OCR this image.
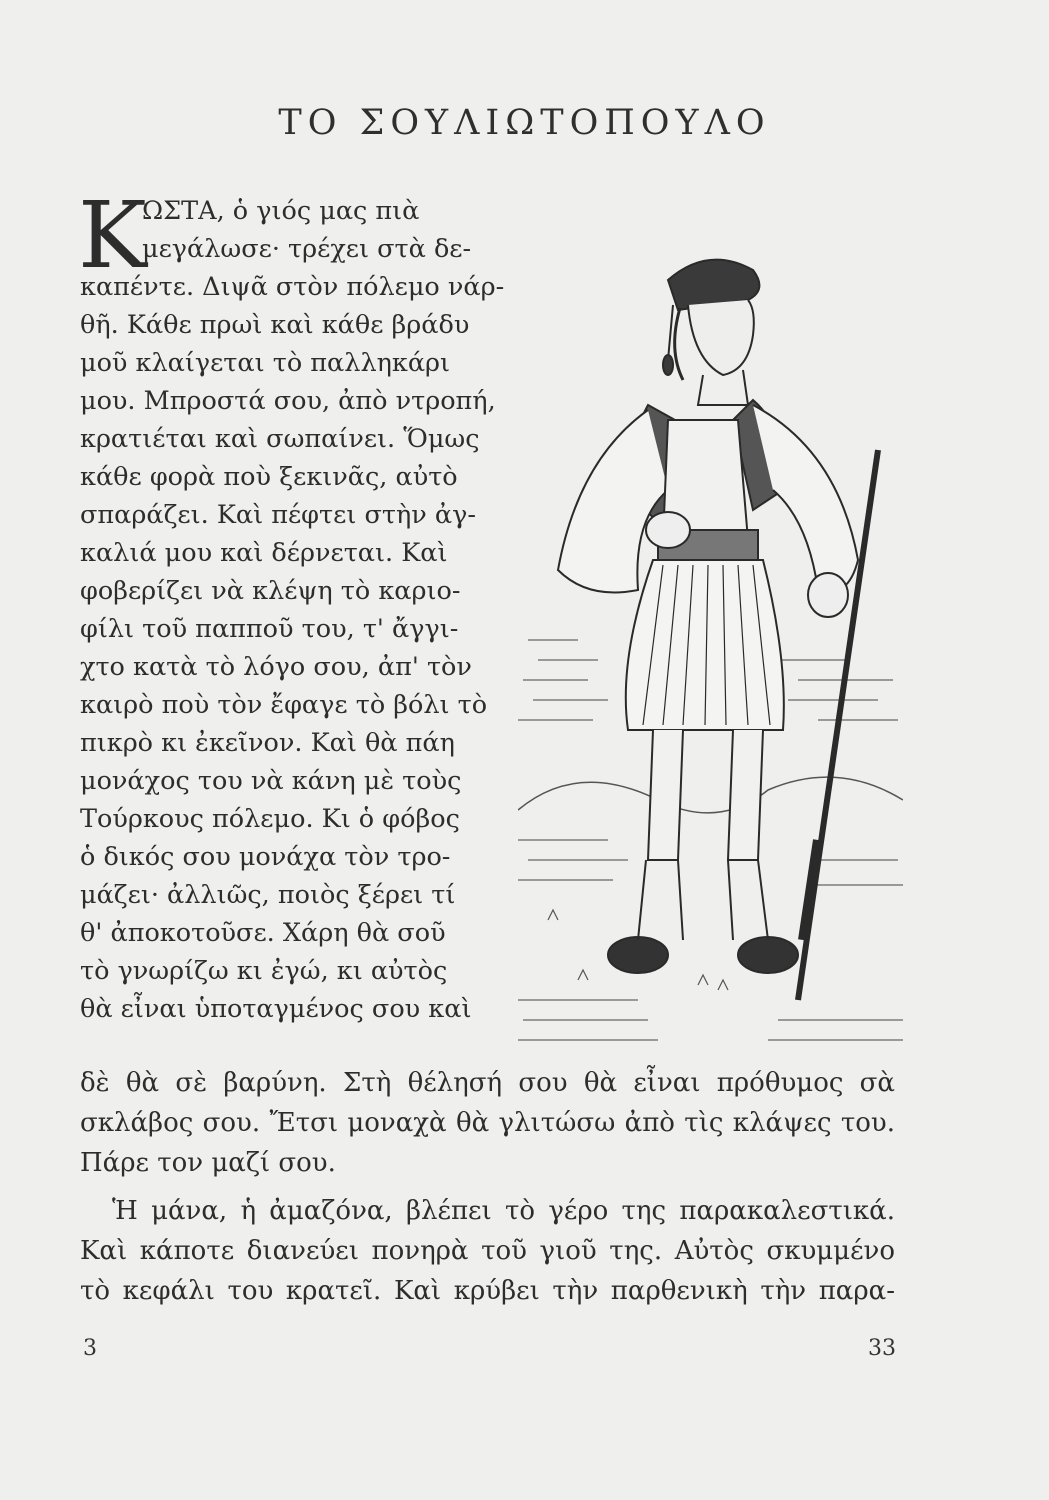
ΤΟ ΣΟΥΛΙΩΤΟΠΟΥΛΟ
Κ
ΩΣΤΑ, ὁ γιός μας πιὰ
μεγάλωσε· τρέχει στὰ δε-
καπέντε. Διψᾶ στὸν πόλεμο νάρ-
θῆ. Κάθε πρωὶ καὶ κάθε βράδυ
μοῦ κλαίγεται τὸ παλληκάρι
μου. Μπροστά σου, ἀπὸ ντροπή,
κρατιέται καὶ σωπαίνει. Ὅμως
κάθε φορὰ ποὺ ξεκινᾶς, αὐτὸ
σπαράζει. Καὶ πέφτει στὴν ἀγ-
καλιά μου καὶ δέρνεται. Καὶ
φοβερίζει νὰ κλέψη τὸ καριο-
φίλι τοῦ παπποῦ του, τ' ἄγγι-
χτο κατὰ τὸ λόγο σου, ἀπ' τὸν
καιρὸ ποὺ τὸν ἔφαγε τὸ βόλι τὸ
πικρὸ κι ἐκεῖνον. Καὶ θὰ πάη
μονάχος του νὰ κάνη μὲ τοὺς
Τούρκους πόλεμο. Κι ὁ φόβος
ὁ δικός σου μονάχα τὸν τρο-
μάζει· ἀλλιῶς, ποιὸς ξέρει τί
θ' ἀποκοτοῦσε. Χάρη θὰ σοῦ
τὸ γνωρίζω κι ἐγώ, κι αὐτὸς
θὰ εἶναι ὑποταγμένος σου καὶ
δὲ θὰ σὲ βαρύνη. Στὴ θέλησή σου θὰ εἶναι πρόθυμος σὰ
σκλάβος σου. Ἔτσι μοναχὰ θὰ γλιτώσω ἀπὸ τὶς κλάψες του.
Πάρε τον μαζί σου.
Ἡ μάνα, ἡ ἀμαζόνα, βλέπει τὸ γέρο της παρακαλεστικά.
Καὶ κάποτε διανεύει πονηρὰ τοῦ γιοῦ της. Αὐτὸς σκυμμένο
τὸ κεφάλι του κρατεῖ. Καὶ κρύβει τὴν παρθενικὴ τὴν παρα-
3	33
